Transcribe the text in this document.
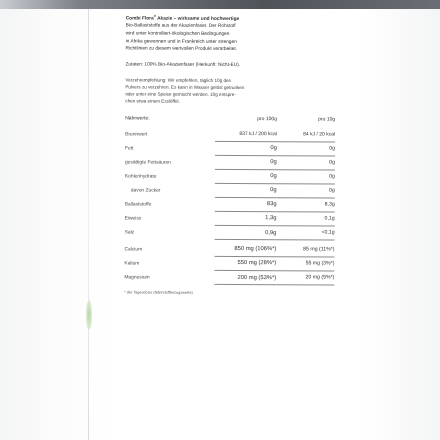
Combi Flora® Akazie – wirksame und hochwertige
Bio-Ballaststoffe aus der Akazienfaser. Der Rohstoff
wird unter kontrolliert-ökologischen Bedingungen
in Afrika gewonnen und in Frankreich unter strengen
Richtlinien zu diesem wertvollen Produkt verarbeitet.
Zutaten: 100% Bio-Akazienfaser (Herkunft: Nicht-EU).
Verzehrempfehlung: Wir empfehlen, täglich 10g des
Pulvers zu verzehren. Es kann in Wasser gelöst getrunken
oder unter eine Speise gemischt werden. 10g entspre-
chen etwa einem Esslöffel.
Nährwerte:	pro 100g	pro 10g
Brennwert	837 kJ / 200 kcal	84 kJ / 20 kcal
Fett	0g	0g
gesättigte Fettsäuren	0g	0g
Kohlenhydrate	0g	0g
davon Zucker	0g	0g
Ballaststoffe	83g	8,3g
Eiweiss	1,3g	0,1g
Salz	0,9g	<0,1g
Calcium	850 mg (106%*)	85 mg (11%*)
Kalium	550 mg (28%*)	55 mg (3%*)
Magnesium	200 mg (53%*)	20 mg (5%*)
* der Tagesdosis (Nährstoffbezugswerte)
